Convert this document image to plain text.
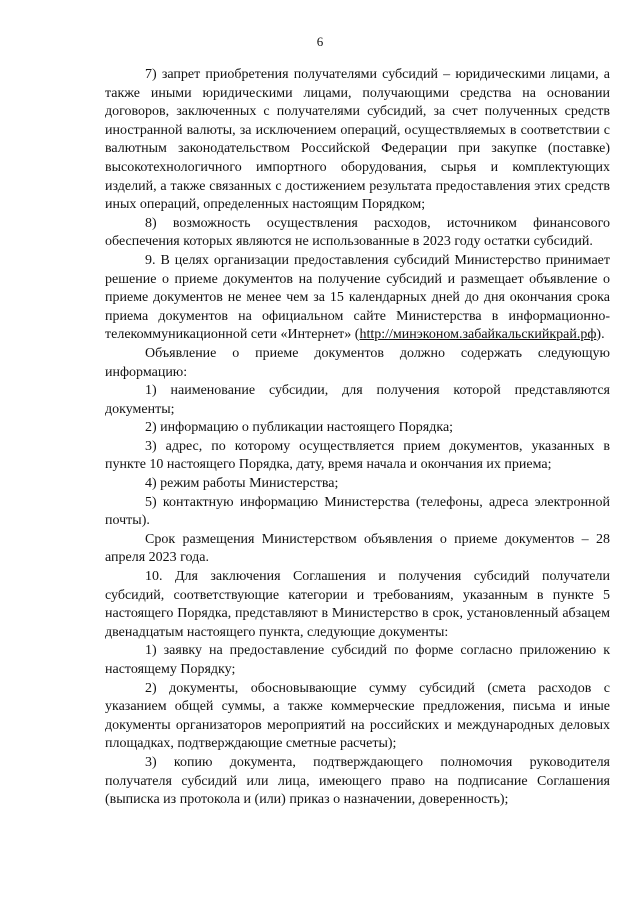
6

7) запрет приобретения получателями субсидий – юридическими лицами, а также иными юридическими лицами, получающими средства на основании договоров, заключенных с получателями субсидий, за счет полученных средств иностранной валюты, за исключением операций, осуществляемых в соответствии с валютным законодательством Российской Федерации при закупке (поставке) высокотехнологичного импортного оборудования, сырья и комплектующих изделий, а также связанных с достижением результата предоставления этих средств иных операций, определенных настоящим Порядком;

8) возможность осуществления расходов, источником финансового обеспечения которых являются не использованные в 2023 году остатки субсидий.

9. В целях организации предоставления субсидий Министерство принимает решение о приеме документов на получение субсидий и размещает объявление о приеме документов не менее чем за 15 календарных дней до дня окончания срока приема документов на официальном сайте Министерства в информационно-телекоммуникационной сети «Интернет» (http://минэконом.забайкальскийкрай.рф).

Объявление о приеме документов должно содержать следующую информацию:

1) наименование субсидии, для получения которой представляются документы;

2) информацию о публикации настоящего Порядка;

3) адрес, по которому осуществляется прием документов, указанных в пункте 10 настоящего Порядка, дату, время начала и окончания их приема;

4) режим работы Министерства;

5) контактную информацию Министерства (телефоны, адреса электронной почты).

Срок размещения Министерством объявления о приеме документов – 28 апреля 2023 года.

10. Для заключения Соглашения и получения субсидий получатели субсидий, соответствующие категории и требованиям, указанным в пункте 5 настоящего Порядка, представляют в Министерство в срок, установленный абзацем двенадцатым настоящего пункта, следующие документы:

1) заявку на предоставление субсидий по форме согласно приложению к настоящему Порядку;

2) документы, обосновывающие сумму субсидий (смета расходов с указанием общей суммы, а также коммерческие предложения, письма и иные документы организаторов мероприятий на российских и международных деловых площадках, подтверждающие сметные расчеты);

3) копию документа, подтверждающего полномочия руководителя получателя субсидий или лица, имеющего право на подписание Соглашения (выписка из протокола и (или) приказ о назначении, доверенность);
